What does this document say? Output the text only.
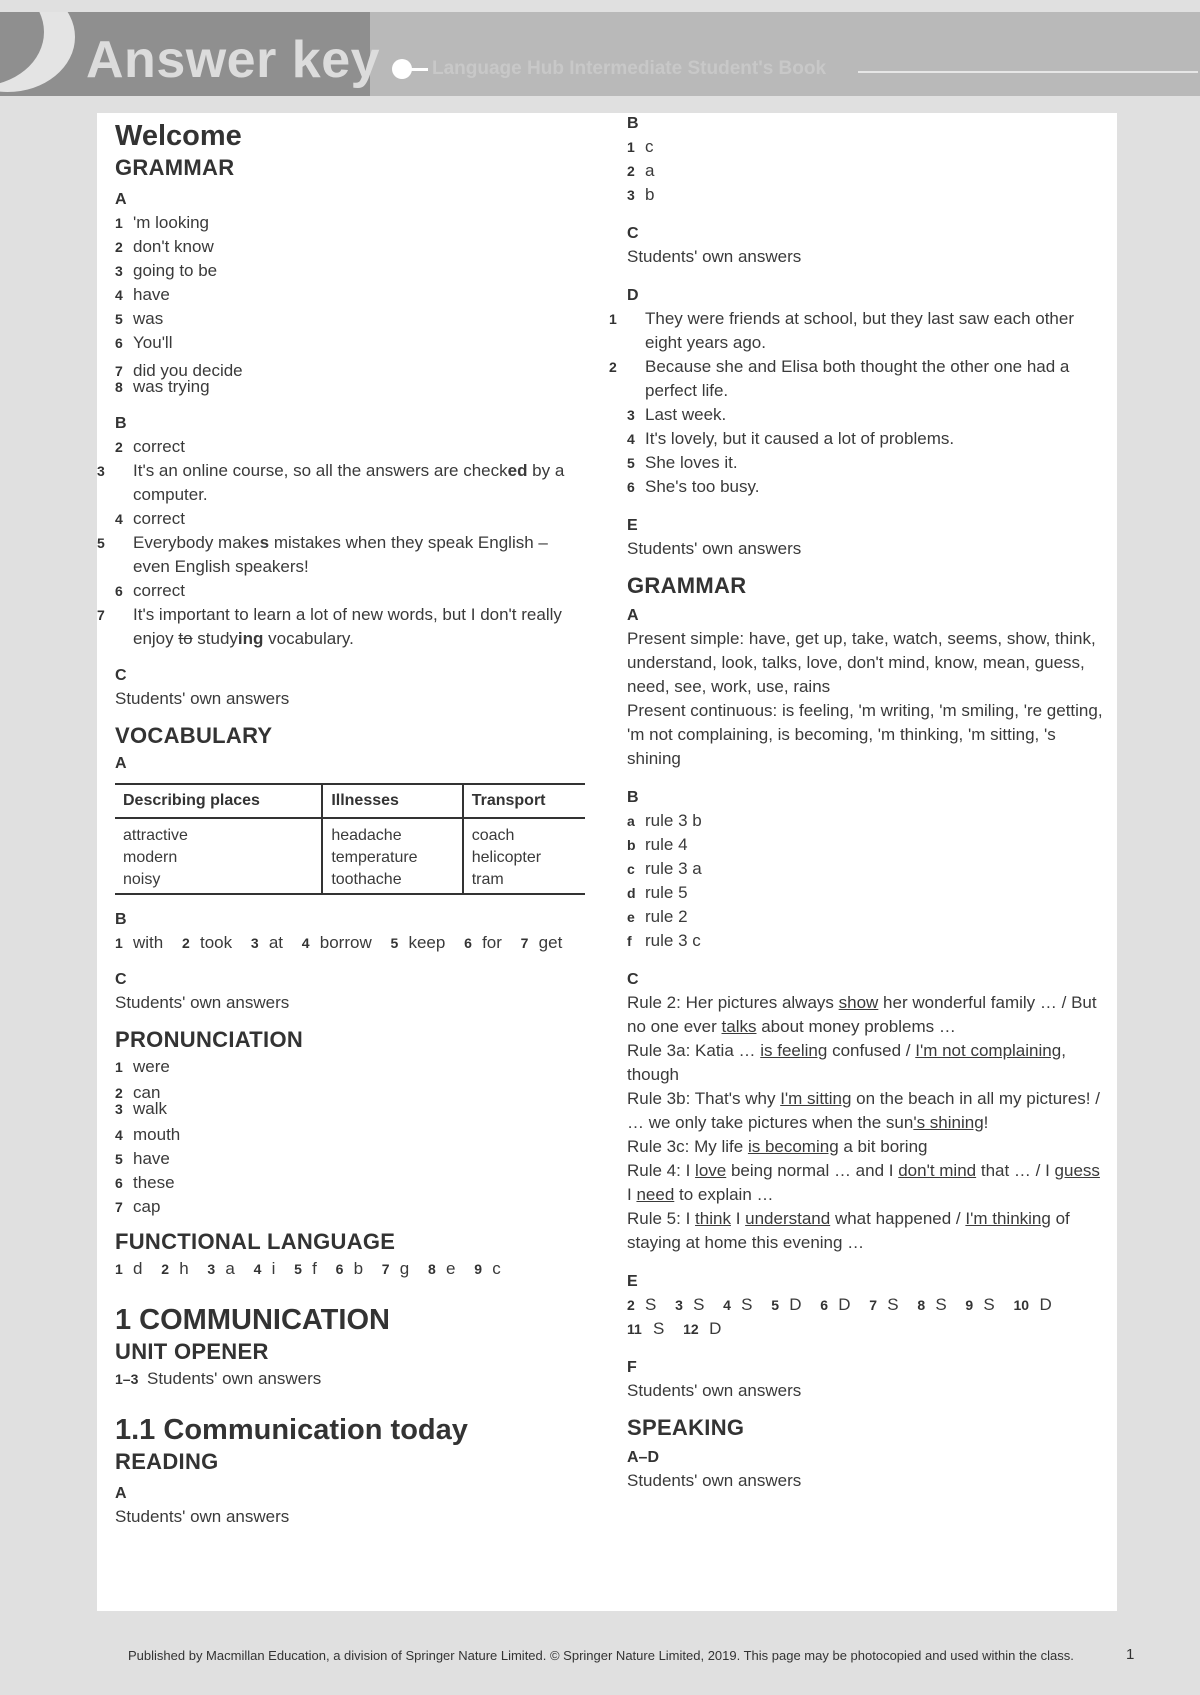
Answer key	Language Hub Intermediate Student's Book
Welcome
GRAMMAR
A
1 'm looking
2 don't know
3 going to be
4 have
5 was
6 You'll
7 did you decide
8 was trying
B
2 correct
3 It's an online course, so all the answers are checked by a computer.
4 correct
5 Everybody makes mistakes when they speak English – even English speakers!
6 correct
7 It's important to learn a lot of new words, but I don't really enjoy to studying vocabulary.
C
Students' own answers
VOCABULARY
A
Describing places	Illnesses	Transport
attractive	headache	coach
modern	temperature	helicopter
noisy	toothache	tram
B
1 with 2 took 3 at 4 borrow 5 keep 6 for 7 get
C
Students' own answers
PRONUNCIATION
1 were
2 can
3 walk
4 mouth
5 have
6 these
7 cap
FUNCTIONAL LANGUAGE
1 d 2 h 3 a 4 i 5 f 6 b 7 g 8 e 9 c
1 COMMUNICATION
UNIT OPENER
1–3 Students' own answers
1.1 Communication today
READING
A
Students' own answers
B
1 c
2 a
3 b
C
Students' own answers
D
1 They were friends at school, but they last saw each other eight years ago.
2 Because she and Elisa both thought the other one had a perfect life.
3 Last week.
4 It's lovely, but it caused a lot of problems.
5 She loves it.
6 She's too busy.
E
Students' own answers
GRAMMAR
A
Present simple: have, get up, take, watch, seems, show, think, understand, look, talks, love, don't mind, know, mean, guess, need, see, work, use, rains
Present continuous: is feeling, 'm writing, 'm smiling, 're getting, 'm not complaining, is becoming, 'm thinking, 'm sitting, 's shining
B
a rule 3 b
b rule 4
c rule 3 a
d rule 5
e rule 2
f rule 3 c
C
Rule 2: Her pictures always show her wonderful family … / But no one ever talks about money problems …
Rule 3a: Katia … is feeling confused / I'm not complaining, though
Rule 3b: That's why I'm sitting on the beach in all my pictures! / … we only take pictures when the sun's shining!
Rule 3c: My life is becoming a bit boring
Rule 4: I love being normal … and I don't mind that … / I guess I need to explain …
Rule 5: I think I understand what happened / I'm thinking of staying at home this evening …
E
2 S 3 S 4 S 5 D 6 D 7 S 8 S 9 S 10 D
11 S 12 D
F
Students' own answers
SPEAKING
A–D
Students' own answers
Published by Macmillan Education, a division of Springer Nature Limited. © Springer Nature Limited, 2019. This page may be photocopied and used within the class.	1
